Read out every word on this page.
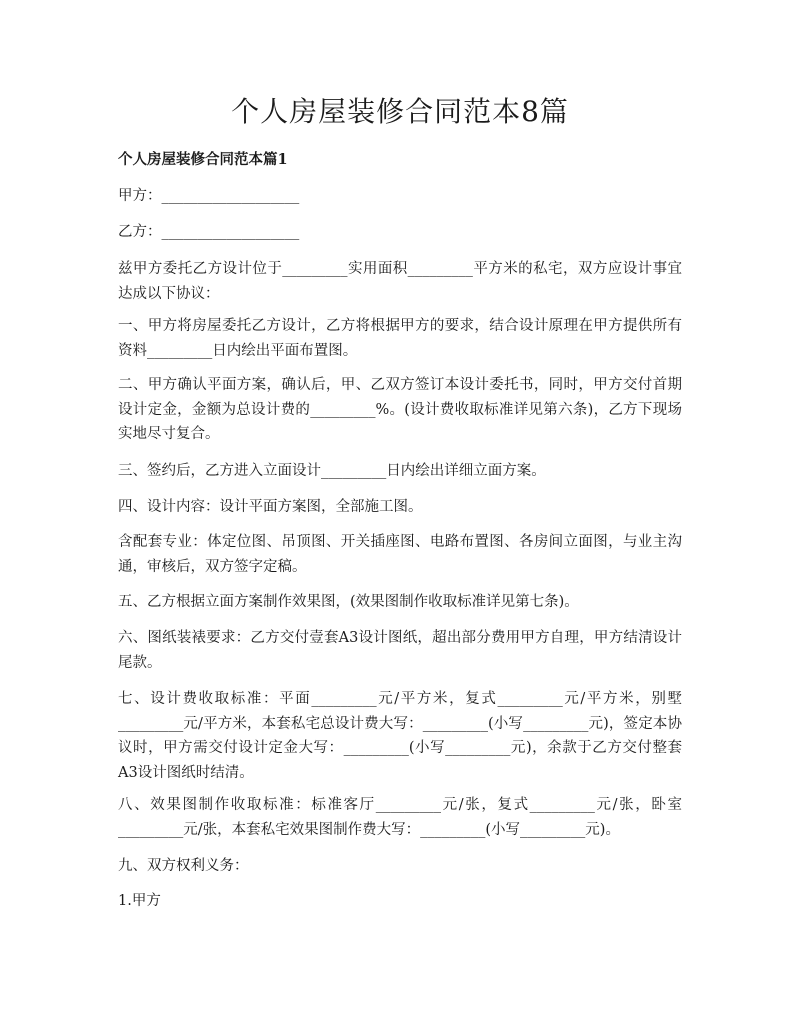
个人房屋装修合同范本8篇
个人房屋装修合同范本篇1

甲方：___________________

乙方：___________________

兹甲方委托乙方设计位于_________实用面积_________平方米的私宅，双方应设计事宜达成以下协议：

一、甲方将房屋委托乙方设计，乙方将根据甲方的要求，结合设计原理在甲方提供所有资料_________日内绘出平面布置图。

二、甲方确认平面方案，确认后，甲、乙双方签订本设计委托书，同时，甲方交付首期设计定金，金额为总设计费的_________%。(设计费收取标准详见第六条)，乙方下现场实地尽寸复合。

三、签约后，乙方进入立面设计_________日内绘出详细立面方案。

四、设计内容：设计平面方案图，全部施工图。

含配套专业：体定位图、吊顶图、开关插座图、电路布置图、各房间立面图，与业主沟通，审核后，双方签字定稿。

五、乙方根据立面方案制作效果图，(效果图制作收取标准详见第七条)。

六、图纸装裱要求：乙方交付壹套A3设计图纸，超出部分费用甲方自理，甲方结清设计尾款。

七、设计费收取标准：平面_________元/平方米，复式_________元/平方米，别墅_________元/平方米，本套私宅总设计费大写：_________(小写_________元)，签定本协议时，甲方需交付设计定金大写：_________(小写_________元)，余款于乙方交付整套A3设计图纸时结清。

八、效果图制作收取标准：标准客厅_________元/张，复式_________元/张，卧室_________元/张，本套私宅效果图制作费大写：_________(小写_________元)。

九、双方权利义务：

1.甲方
